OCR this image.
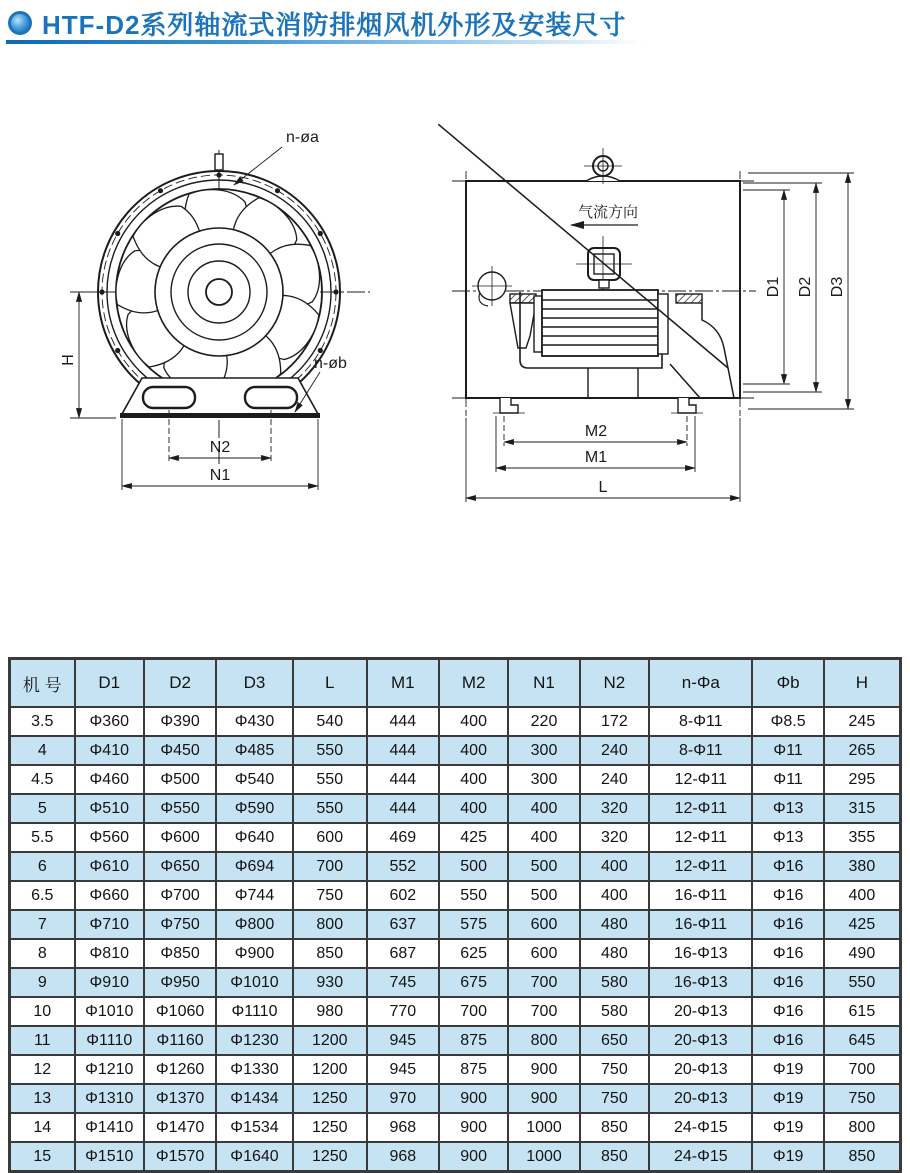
HTF-D2系列轴流式消防排烟风机外形及安装尺寸
n-øa
n-øb
H
N2
N1
气流方向
D1 D2 D3
M2
M1
L
机 号	D1	D2	D3	L	M1	M2	N1	N2	n-Φa	Φb	H
3.5	Φ360	Φ390	Φ430	540	444	400	220	172	8-Φ11	Φ8.5	245
4	Φ410	Φ450	Φ485	550	444	400	300	240	8-Φ11	Φ11	265
4.5	Φ460	Φ500	Φ540	550	444	400	300	240	12-Φ11	Φ11	295
5	Φ510	Φ550	Φ590	550	444	400	400	320	12-Φ11	Φ13	315
5.5	Φ560	Φ600	Φ640	600	469	425	400	320	12-Φ11	Φ13	355
6	Φ610	Φ650	Φ694	700	552	500	500	400	12-Φ11	Φ16	380
6.5	Φ660	Φ700	Φ744	750	602	550	500	400	16-Φ11	Φ16	400
7	Φ710	Φ750	Φ800	800	637	575	600	480	16-Φ11	Φ16	425
8	Φ810	Φ850	Φ900	850	687	625	600	480	16-Φ13	Φ16	490
9	Φ910	Φ950	Φ1010	930	745	675	700	580	16-Φ13	Φ16	550
10	Φ1010	Φ1060	Φ1110	980	770	700	700	580	20-Φ13	Φ16	615
11	Φ1110	Φ1160	Φ1230	1200	945	875	800	650	20-Φ13	Φ16	645
12	Φ1210	Φ1260	Φ1330	1200	945	875	900	750	20-Φ13	Φ19	700
13	Φ1310	Φ1370	Φ1434	1250	970	900	900	750	20-Φ13	Φ19	750
14	Φ1410	Φ1470	Φ1534	1250	968	900	1000	850	24-Φ15	Φ19	800
15	Φ1510	Φ1570	Φ1640	1250	968	900	1000	850	24-Φ15	Φ19	850
